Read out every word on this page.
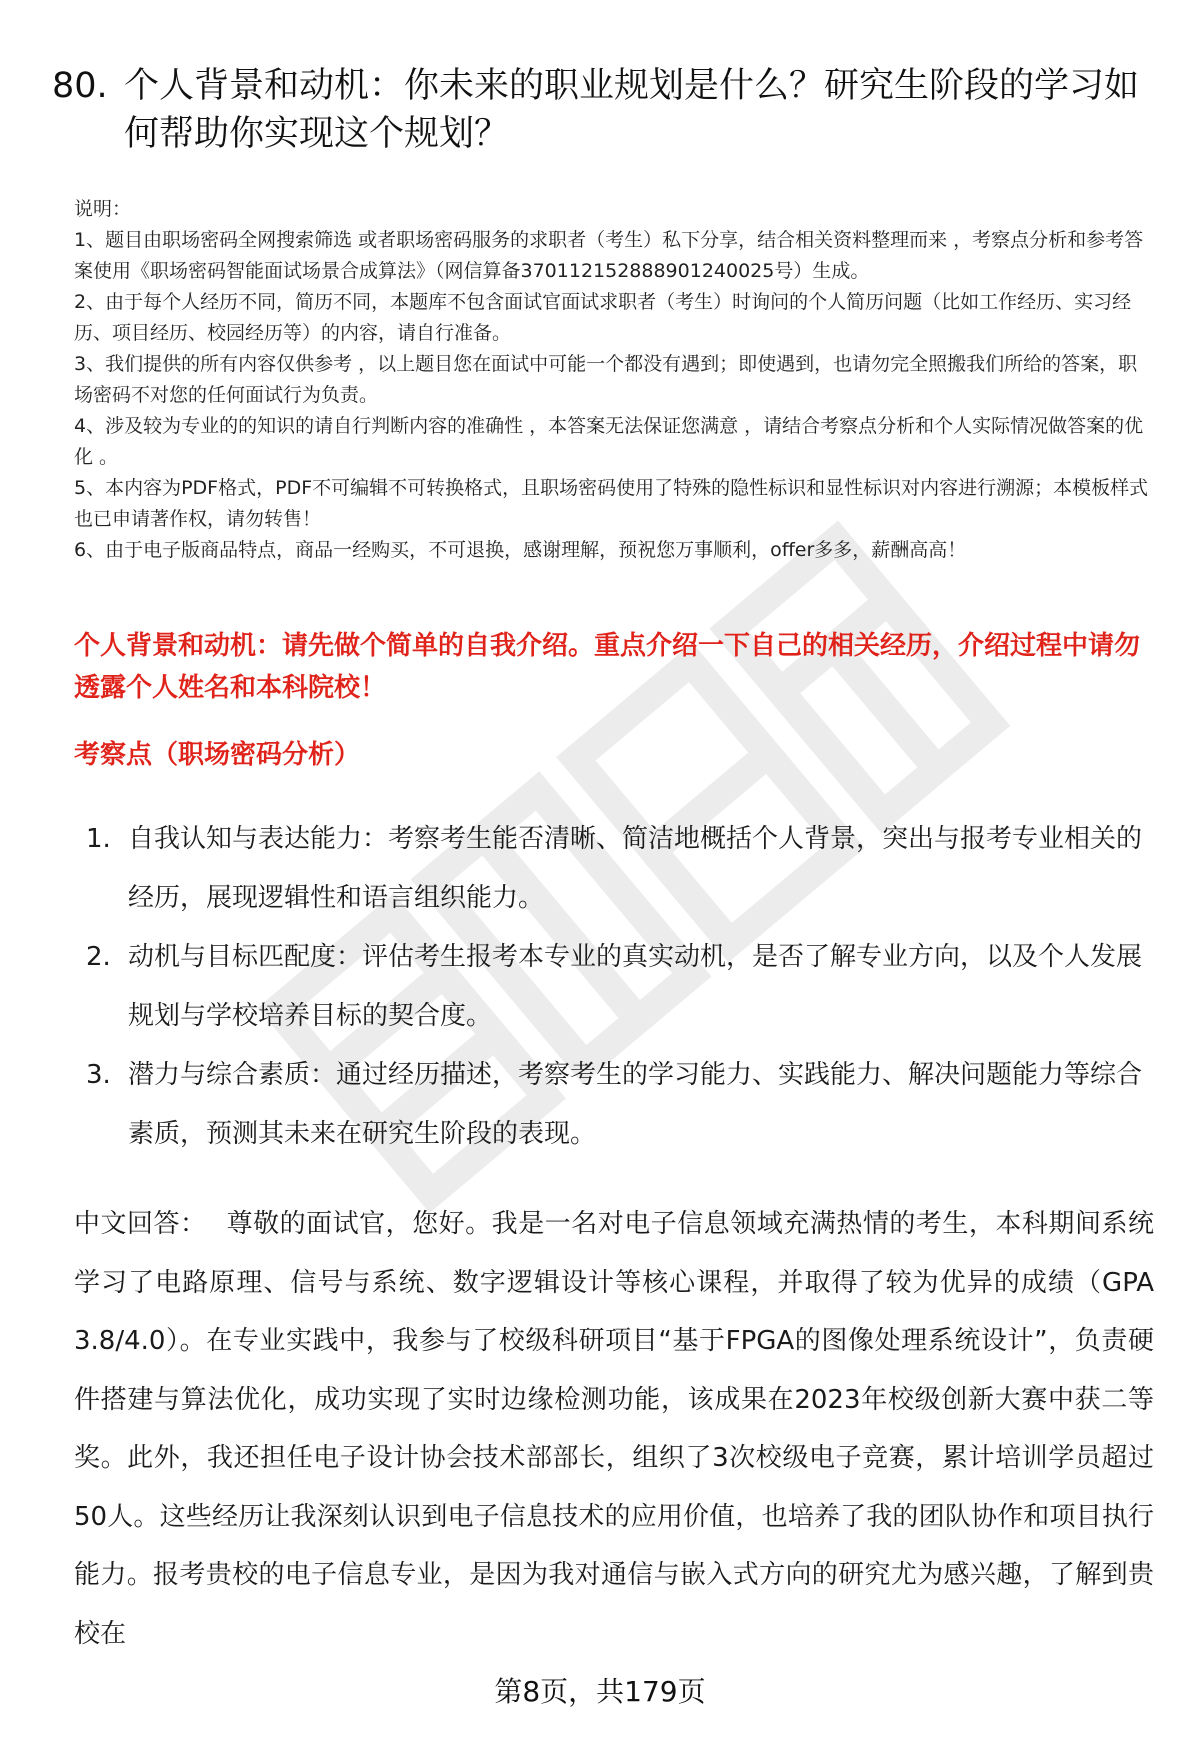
80. 个人背景和动机：你未来的职业规划是什么？研究生阶段的学习如何帮助你实现这个规划？

说明：

1、题目由职场密码全网搜索筛选 或者职场密码服务的求职者（考生）私下分享，结合相关资料整理而来 ，考察点分析和参考答案使用《职场密码智能面试场景合成算法》（网信算备370112152888901240025号）生成。

2、由于每个人经历不同，简历不同，本题库不包含面试官面试求职者（考生）时询问的个人简历问题（比如工作经历、实习经历、项目经历、校园经历等）的内容，请自行准备。

3、我们提供的所有内容仅供参考 ，以上题目您在面试中可能一个都没有遇到；即使遇到，也请勿完全照搬我们所给的答案，职场密码不对您的任何面试行为负责。

4、涉及较为专业的的知识的请自行判断内容的准确性 ，本答案无法保证您满意 ，请结合考察点分析和个人实际情况做答案的优化 。

5、本内容为PDF格式，PDF不可编辑不可转换格式，且职场密码使用了特殊的隐性标识和显性标识对内容进行溯源；本模板样式也已申请著作权，请勿转售！

6、由于电子版商品特点，商品一经购买，不可退换，感谢理解，预祝您万事顺利，offer多多，薪酬高高！

个人背景和动机：请先做个简单的自我介绍。重点介绍一下自己的相关经历，介绍过程中请勿透露个人姓名和本科院校！
考察点（职场密码分析）
1. 自我认知与表达能力：考察考生能否清晰、简洁地概括个人背景，突出与报考专业相关的经历，展现逻辑性和语言组织能力。
2. 动机与目标匹配度：评估考生报考本专业的真实动机，是否了解专业方向，以及个人发展规划与学校培养目标的契合度。
3. 潜力与综合素质：通过经历描述，考察考生的学习能力、实践能力、解决问题能力等综合素质，预测其未来在研究生阶段的表现。
中文回答： 尊敬的面试官，您好。我是一名对电子信息领域充满热情的考生，本科期间系统学习了电路原理、信号与系统、数字逻辑设计等核心课程，并取得了较为优异的成绩（GPA 3.8/4.0）。在专业实践中，我参与了校级科研项目“基于FPGA的图像处理系统设计”，负责硬件搭建与算法优化，成功实现了实时边缘检测功能，该成果在2023年校级创新大赛中获二等奖。此外，我还担任电子设计协会技术部部长，组织了3次校级电子竞赛，累计培训学员超过50人。这些经历让我深刻认识到电子信息技术的应用价值，也培养了我的团队协作和项目执行能力。报考贵校的电子信息专业，是因为我对通信与嵌入式方向的研究尤为感兴趣，了解到贵校在
第8页，共179页
